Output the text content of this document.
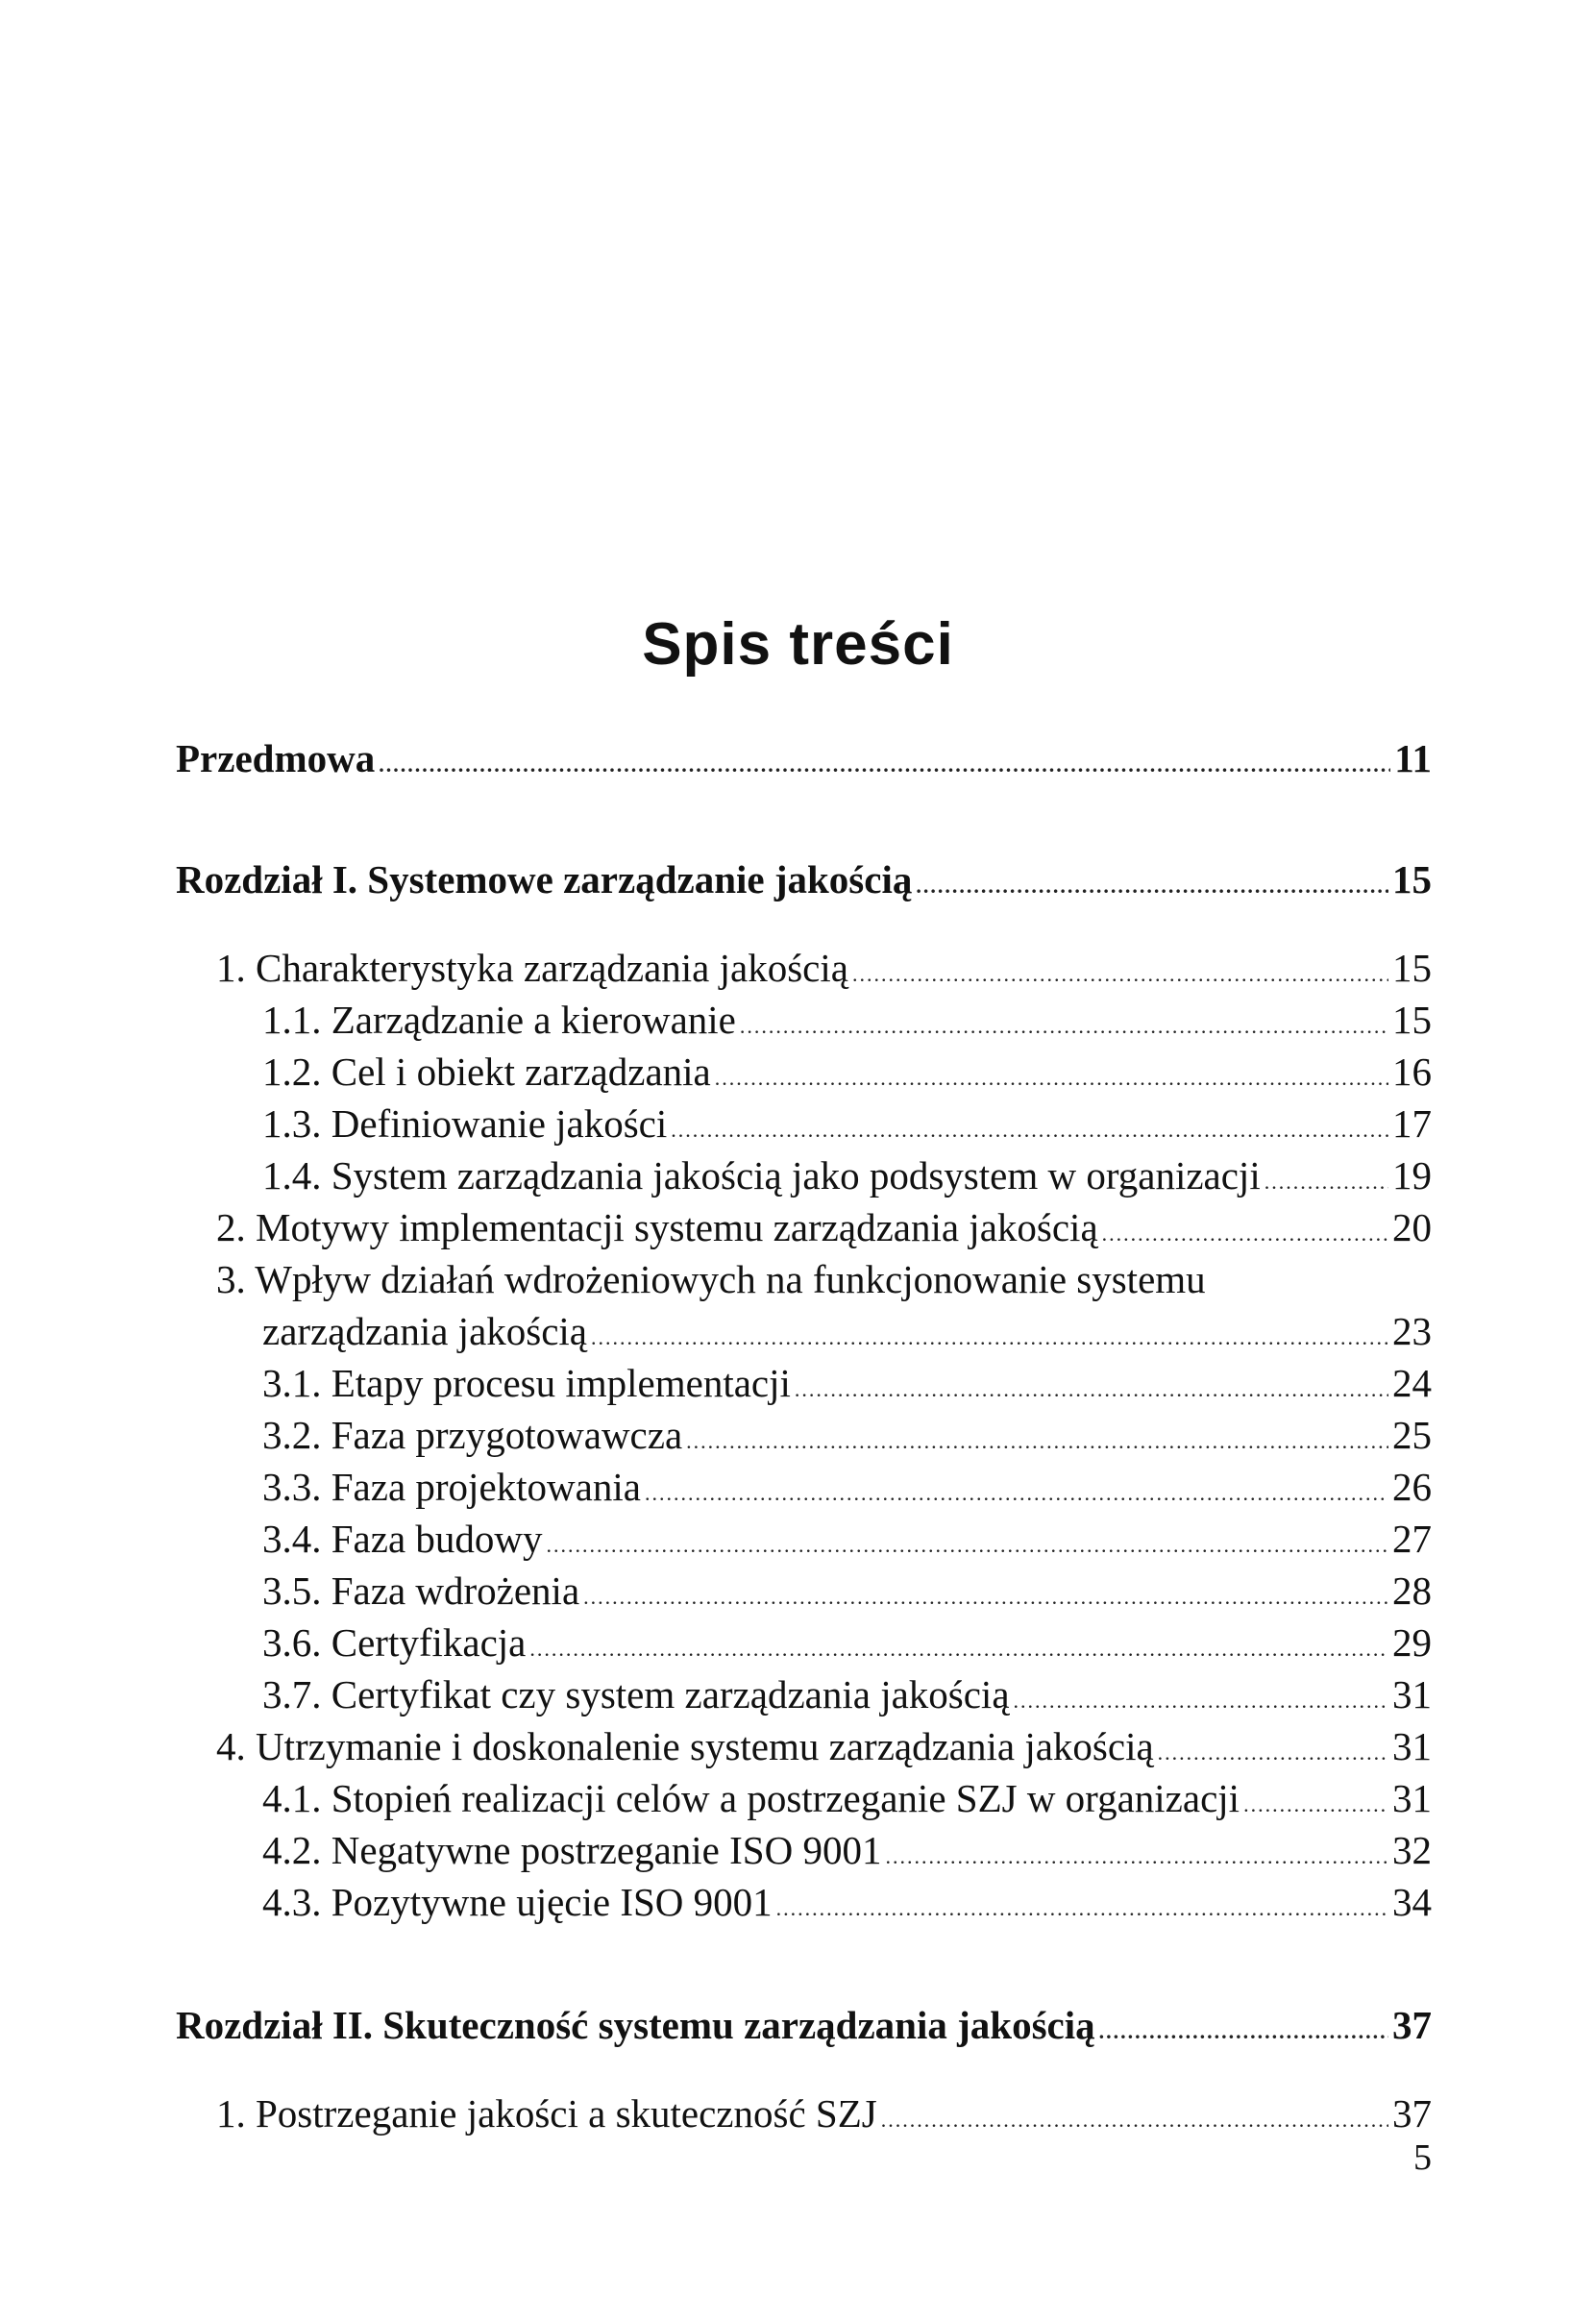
Spis treści
Przedmowa .....	11
Rozdział I. Systemowe zarządzanie jakością .....	15
1. Charakterystyka zarządzania jakością .....	15
1.1. Zarządzanie a kierowanie .....	15
1.2. Cel i obiekt zarządzania .....	16
1.3. Definiowanie jakości .....	17
1.4. System zarządzania jakością jako podsystem w organizacji .....	19
2. Motywy implementacji systemu zarządzania jakością .....	20
3. Wpływ działań wdrożeniowych na funkcjonowanie systemu
zarządzania jakością .....	23
3.1. Etapy procesu implementacji .....	24
3.2. Faza przygotowawcza .....	25
3.3. Faza projektowania .....	26
3.4. Faza budowy .....	27
3.5. Faza wdrożenia .....	28
3.6. Certyfikacja .....	29
3.7. Certyfikat czy system zarządzania jakością .....	31
4. Utrzymanie i doskonalenie systemu zarządzania jakością .....	31
4.1. Stopień realizacji celów a postrzeganie SZJ w organizacji .....	31
4.2. Negatywne postrzeganie ISO 9001 .....	32
4.3. Pozytywne ujęcie ISO 9001 .....	34
Rozdział II. Skuteczność systemu zarządzania jakością .....	37
1. Postrzeganie jakości a skuteczność SZJ .....	37
5
